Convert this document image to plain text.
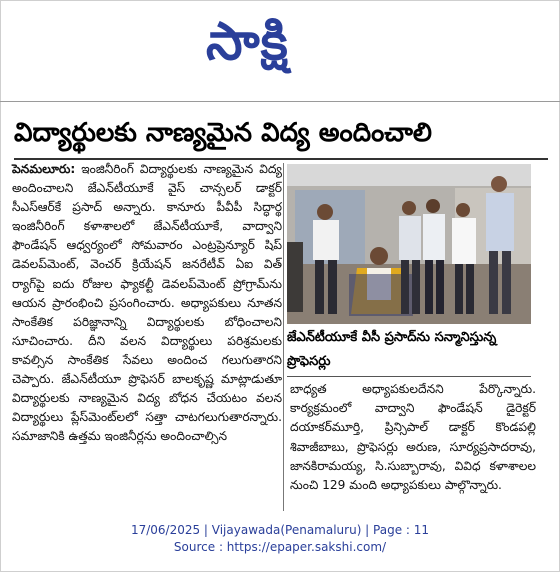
సాక్షి
విద్యార్థులకు నాణ్యమైన విద్య అందించాలి

పెనమలూరు: ఇంజినీరింగ్ విద్యార్థులకు నాణ్యమైన విద్య అందించాలని జేఎన్‌టీయూకే వైస్ చాన్సలర్ డాక్టర్ సీఎస్ఆర్‌కే ప్రసాద్ అన్నారు. కానూరు పీవీపీ సిద్ధార్థ ఇంజినీరింగ్ కళాశాలలో జేఎన్‌టీయూకే, వాద్వాని ఫౌండేషన్ ఆధ్వర్యంలో సోమవారం ఎంట్రప్రెన్యూర్ షిప్ డెవలప్‌మెంట్, వెంచర్ క్రియేషన్ జనరేటీవ్ ఏఐ విత్ ర్యాగ్‌పై ఐదు రోజుల ఫ్యాకల్టీ డెవలప్‌మెంట్ ప్రోగ్రామ్‌ను ఆయన ప్రారంభించి ప్రసంగించారు. అధ్యాపకులు నూతన సాంకేతిక పరిజ్ఞానాన్ని విద్యార్థులకు బోధించాలని సూచించారు. దీని వలన విద్యార్థులు పరిశ్రమలకు కావల్సిన సాంకేతిక సేవలు అందించ గలుగుతారని చెప్పారు. జేఎన్‌టీయూ ప్రొఫెసర్ బాలకృష్ణ మాట్లాడుతూ విద్యార్థులకు నాణ్యమైన విద్య బోధన చేయటం వలన విద్యార్థులు ప్లేస్‌మెంట్‌లలో సత్తా చాటగలుగుతారన్నారు. సమాజానికి ఉత్తమ ఇంజినీర్లను అందించాల్సిన

జేఎన్‌టీయూకే వీసీ ప్రసాద్‌ను సన్మానిస్తున్న ప్రొఫెసర్లు

బాధ్యత అధ్యాపకులదేనని పేర్కొన్నారు. కార్యక్రమంలో వాద్వాని ఫౌండేషన్ డైరెక్టర్ దయాకర్‌మూర్తి, ప్రిన్సిపాల్ డాక్టర్ కొండపల్లి శివాజీబాబు, ప్రొఫెసర్లు అరుణ, సూర్యప్రసాదరావు, జానకిరామయ్య, సి.సుబ్బారావు, వివిధ కళాశాలల నుంచి 129 మంది అధ్యాపకులు పాల్గొన్నారు.

17/06/2025 | Vijayawada(Penamaluru) | Page : 11
Source : https://epaper.sakshi.com/
